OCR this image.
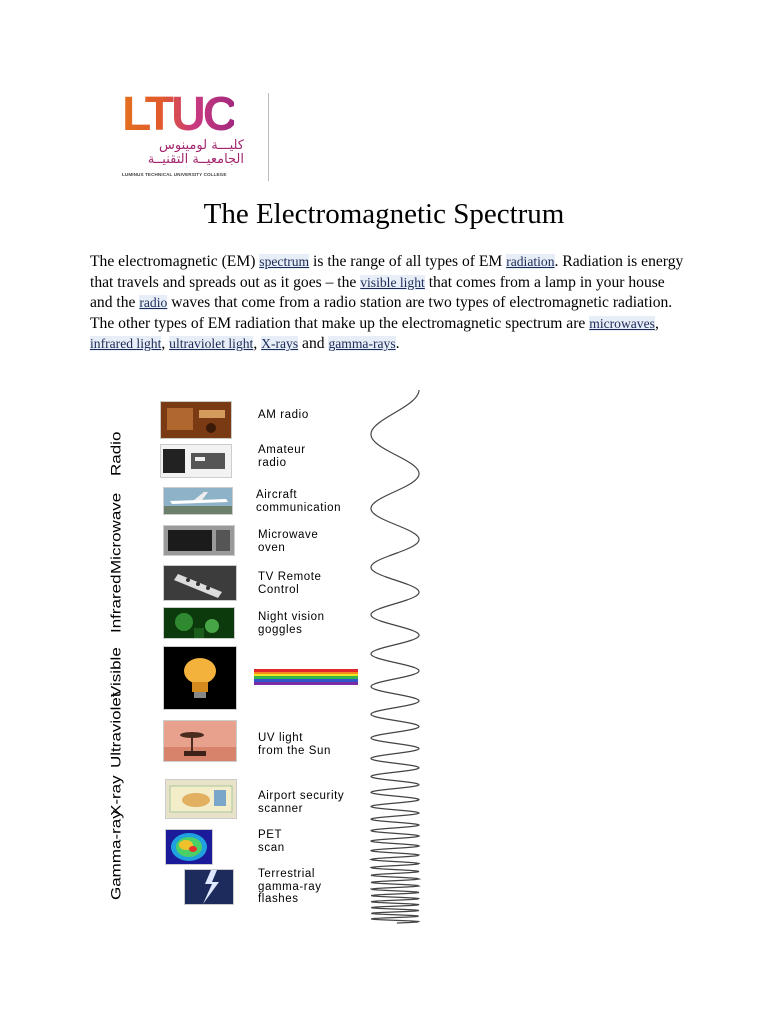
LTUC
كليـــة لومينوس
الجامعيــة التقنيــة
LUMINUS TECHNICAL UNIVERSITY COLLEGE
The Electromagnetic Spectrum
The electromagnetic (EM) spectrum is the range of all types of EM radiation. Radiation is energy that travels and spreads out as it goes – the visible light that comes from a lamp in your house and the radio waves that come from a radio station are two types of electromagnetic radiation. The other types of EM radiation that make up the electromagnetic spectrum are microwaves, infrared light, ultraviolet light, X-rays and gamma-rays.
Radio
Microwave
Infrared
Visible
Ultraviolet
X-ray
Gamma-ray
AM radio
Amateur
radio
Aircraft
communication
Microwave
oven
TV Remote
Control
Night vision
goggles
UV light
from the Sun
Airport security
scanner
PET
scan
Terrestrial
gamma-ray
flashes
